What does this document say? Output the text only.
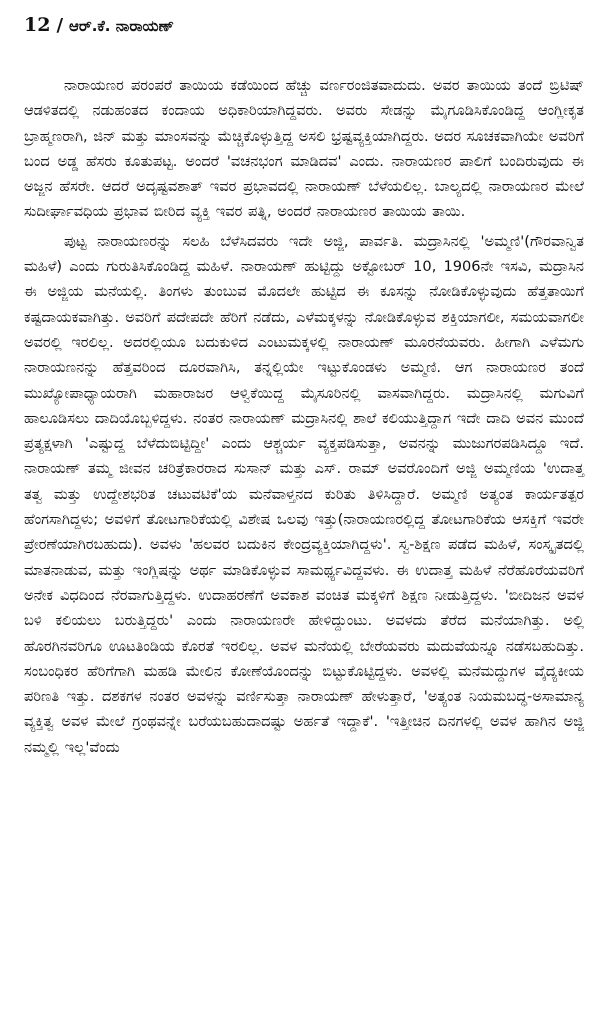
12 / ಆರ್.ಕೆ. ನಾರಾಯಣ್

ನಾರಾಯಣರ ಪರಂಪರೆ ತಾಯಿಯ ಕಡೆಯಿಂದ ಹೆಚ್ಚು ವರ್ಣರಂಜಿತವಾದುದು. ಅವರ ತಾಯಿಯ ತಂದೆ ಬ್ರಿಟಿಷ್ ಆಡಳಿತದಲ್ಲಿ ನಡುಹಂತದ ಕಂದಾಯ ಅಧಿಕಾರಿಯಾಗಿದ್ದವರು. ಅವರು ಸೇಡನ್ನು ಮೈಗೂಡಿಸಿಕೊಂಡಿದ್ದ ಆಂಗ್ಲೀಕೃತ ಬ್ರಾಹ್ಮಣರಾಗಿ, ಜಿನ್ ಮತ್ತು ಮಾಂಸವನ್ನು ಮೆಚ್ಚಿಕೊಳ್ಳುತ್ತಿದ್ದ ಅಸಲಿ ಭ್ರಷ್ಟವ್ಯಕ್ತಿಯಾಗಿದ್ದರು. ಅದರ ಸೂಚಕವಾಗಿಯೇ ಅವರಿಗೆ ಬಂದ ಅಡ್ಡ ಹೆಸರು ಕೂತುಪಟ್ಟ. ಅಂದರೆ 'ವಚನಭಂಗ ಮಾಡಿದವ' ಎಂದು. ನಾರಾಯಣರ ಪಾಲಿಗೆ ಬಂದಿರುವುದು ಈ ಅಜ್ಜನ ಹೆಸರೇ. ಆದರೆ ಅದೃಷ್ಟವಶಾತ್ ಇವರ ಪ್ರಭಾವದಲ್ಲಿ ನಾರಾಯಣ್ ಬೆಳೆಯಲಿಲ್ಲ. ಬಾಲ್ಯದಲ್ಲಿ ನಾರಾಯಣರ ಮೇಲೆ ಸುದೀರ್ಘಾವಧಿಯ ಪ್ರಭಾವ ಬೀರಿದ ವ್ಯಕ್ತಿ ಇವರ ಪತ್ನಿ, ಅಂದರೆ ನಾರಾಯಣರ ತಾಯಿಯ ತಾಯಿ.

ಪುಟ್ಟ ನಾರಾಯಣರನ್ನು ಸಲಹಿ ಬೆಳೆಸಿದವರು ಇದೇ ಅಜ್ಜಿ, ಪಾರ್ವತಿ. ಮದ್ರಾಸಿನಲ್ಲಿ 'ಅಮ್ಮಣಿ'(ಗೌರವಾನ್ವಿತ ಮಹಿಳೆ) ಎಂದು ಗುರುತಿಸಿಕೊಂಡಿದ್ದ ಮಹಿಳೆ. ನಾರಾಯಣ್ ಹುಟ್ಟಿದ್ದು ಅಕ್ಟೋಬರ್ 10, 1906ನೇ ಇಸವಿ, ಮದ್ರಾಸಿನ ಈ ಅಜ್ಜಿಯ ಮನೆಯಲ್ಲಿ. ತಿಂಗಳು ತುಂಬುವ ಮೊದಲೇ ಹುಟ್ಟಿದ ಈ ಕೂಸನ್ನು ನೋಡಿಕೊಳ್ಳುವುದು ಹೆತ್ತತಾಯಿಗೆ ಕಷ್ಟದಾಯಕವಾಗಿತ್ತು. ಅವರಿಗೆ ಪದೇಪದೇ ಹೆರಿಗೆ ನಡೆದು, ಎಳೆಮಕ್ಕಳನ್ನು ನೋಡಿಕೊಳ್ಳುವ ಶಕ್ತಿಯಾಗಲೀ, ಸಮಯವಾಗಲೀ ಅವರಲ್ಲಿ ಇರಲಿಲ್ಲ. ಅದರಲ್ಲಿಯೂ ಬದುಕುಳಿದ ಎಂಟುಮಕ್ಕಳಲ್ಲಿ ನಾರಾಯಣ್ ಮೂರನೆಯವರು. ಹೀಗಾಗಿ ಎಳೆಮಗು ನಾರಾಯಣನನ್ನು ಹೆತ್ತವರಿಂದ ದೂರವಾಗಿಸಿ, ತನ್ನಲ್ಲಿಯೇ ಇಟ್ಟುಕೊಂಡಳು ಅಮ್ಮಣಿ. ಆಗ ನಾರಾಯಣರ ತಂದೆ ಮುಖ್ಯೋಪಾಧ್ಯಾಯರಾಗಿ ಮಹಾರಾಜರ ಆಳ್ವಿಕೆಯಿದ್ದ ಮೈಸೂರಿನಲ್ಲಿ ವಾಸವಾಗಿದ್ದರು. ಮದ್ರಾಸಿನಲ್ಲಿ ಮಗುವಿಗೆ ಹಾಲೂಡಿಸಲು ದಾದಿಯೊಬ್ಬಳಿದ್ದಳು. ನಂತರ ನಾರಾಯಣ್ ಮದ್ರಾಸಿನಲ್ಲಿ ಶಾಲೆ ಕಲಿಯುತ್ತಿದ್ದಾಗ ಇದೇ ದಾದಿ ಅವನ ಮುಂದೆ ಪ್ರತ್ಯಕ್ಷಳಾಗಿ 'ಎಷ್ಟುದ್ದ ಬೆಳೆದುಬಿಟ್ಟಿದ್ದೀ' ಎಂದು ಆಶ್ಚರ್ಯ ವ್ಯಕ್ತಪಡಿಸುತ್ತಾ, ಅವನನ್ನು ಮುಜುಗರಪಡಿಸಿದ್ದೂ ಇದೆ. ನಾರಾಯಣ್ ತಮ್ಮ ಜೀವನ ಚರಿತ್ರೆಕಾರರಾದ ಸುಸಾನ್ ಮತ್ತು ಎಸ್. ರಾಮ್ ಅವರೊಂದಿಗೆ ಅಜ್ಜಿ ಅಮ್ಮಣಿಯ 'ಉದಾತ್ತ ತತ್ವ ಮತ್ತು ಉದ್ದೇಶಭರಿತ ಚಟುವಟಿಕೆ'ಯ ಮನೆವಾಳ್ತನದ ಕುರಿತು ತಿಳಿಸಿದ್ದಾರೆ. ಅಮ್ಮಣಿ ಅತ್ಯಂತ ಕಾರ್ಯತತ್ಪರ ಹೆಂಗಸಾಗಿದ್ದಳು; ಅವಳಿಗೆ ತೋಟಗಾರಿಕೆಯಲ್ಲಿ ವಿಶೇಷ ಒಲವು ಇತ್ತು(ನಾರಾಯಣರಲ್ಲಿದ್ದ ತೋಟಗಾರಿಕೆಯ ಆಸಕ್ತಿಗೆ ಇವರೇ ಪ್ರೇರಣೆಯಾಗಿರಬಹುದು). ಅವಳು 'ಹಲವರ ಬದುಕಿನ ಕೇಂದ್ರವ್ಯಕ್ತಿಯಾಗಿದ್ದಳು'. ಸ್ವ-ಶಿಕ್ಷಣ ಪಡೆದ ಮಹಿಳೆ, ಸಂಸ್ಕೃತದಲ್ಲಿ ಮಾತನಾಡುವ, ಮತ್ತು ಇಂಗ್ಲಿಷನ್ನು ಅರ್ಥ ಮಾಡಿಕೊಳ್ಳುವ ಸಾಮರ್ಥ್ಯವಿದ್ದವಳು. ಈ ಉದಾತ್ತ ಮಹಿಳೆ ನೆರೆಹೊರೆಯವರಿಗೆ ಅನೇಕ ವಿಧದಿಂದ ನೆರವಾಗುತ್ತಿದ್ದಳು. ಉದಾಹರಣೆಗೆ ಅವಕಾಶ ವಂಚಿತ ಮಕ್ಕಳಿಗೆ ಶಿಕ್ಷಣ ನೀಡುತ್ತಿದ್ದಳು. 'ಬೀದಿಜನ ಅವಳ ಬಳಿ ಕಲಿಯಲು ಬರುತ್ತಿದ್ದರು' ಎಂದು ನಾರಾಯಣರೇ ಹೇಳಿದ್ದುಂಟು. ಅವಳದು ತೆರೆದ ಮನೆಯಾಗಿತ್ತು. ಅಲ್ಲಿ ಹೊರಗಿನವರಿಗೂ ಊಟತಿಂಡಿಯ ಕೊರತೆ ಇರಲಿಲ್ಲ. ಅವಳ ಮನೆಯಲ್ಲಿ ಬೇರೆಯವರು ಮದುವೆಯನ್ನೂ ನಡೆಸಬಹುದಿತ್ತು. ಸಂಬಂಧಿಕರ ಹೆರಿಗೆಗಾಗಿ ಮಹಡಿ ಮೇಲಿನ ಕೋಣೆಯೊಂದನ್ನು ಬಿಟ್ಟುಕೊಟ್ಟಿದ್ದಳು. ಅವಳಲ್ಲಿ ಮನೆಮದ್ದುಗಳ ವೈದ್ಯಕೀಯ ಪರಿಣತಿ ಇತ್ತು. ದಶಕಗಳ ನಂತರ ಅವಳನ್ನು ವರ್ಣಿಸುತ್ತಾ ನಾರಾಯಣ್ ಹೇಳುತ್ತಾರೆ, 'ಅತ್ಯಂತ ನಿಯಮಬದ್ಧ-ಅಸಾಮಾನ್ಯ ವ್ಯಕ್ತಿತ್ವ ಅವಳ ಮೇಲೆ ಗ್ರಂಥವನ್ನೇ ಬರೆಯಬಹುದಾದಷ್ಟು ಅರ್ಹತೆ ಇದ್ದಾಕೆ'. 'ಇತ್ತೀಚಿನ ದಿನಗಳಲ್ಲಿ ಅವಳ ಹಾಗಿನ ಅಜ್ಜಿ ನಮ್ಮಲ್ಲಿ ಇಲ್ಲ'ವೆಂದು
